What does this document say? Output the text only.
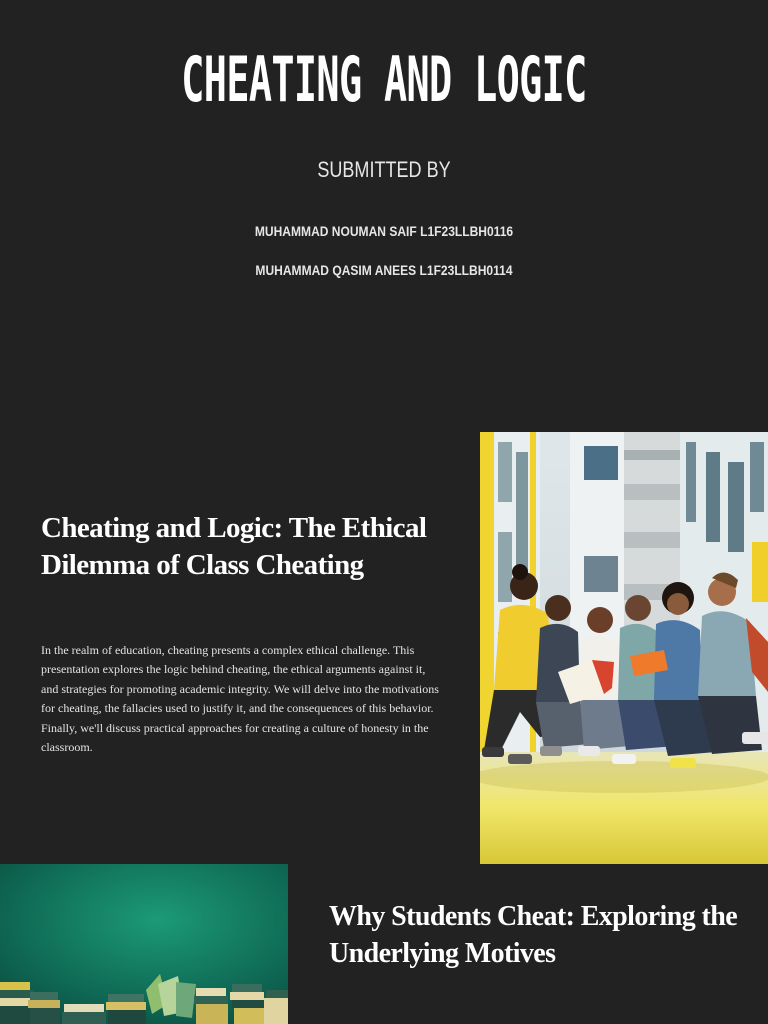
CHEATING AND LOGIC

SUBMITTED BY

MUHAMMAD NOUMAN SAIF L1F23LLBH0116

MUHAMMAD QASIM ANEES L1F23LLBH0114

Cheating and Logic: The Ethical Dilemma of Class Cheating

In the realm of education, cheating presents a complex ethical challenge. This presentation explores the logic behind cheating, the ethical arguments against it, and strategies for promoting academic integrity. We will delve into the motivations for cheating, the fallacies used to justify it, and the consequences of this behavior. Finally, we'll discuss practical approaches for creating a culture of honesty in the classroom.

Why Students Cheat: Exploring the Underlying Motives
